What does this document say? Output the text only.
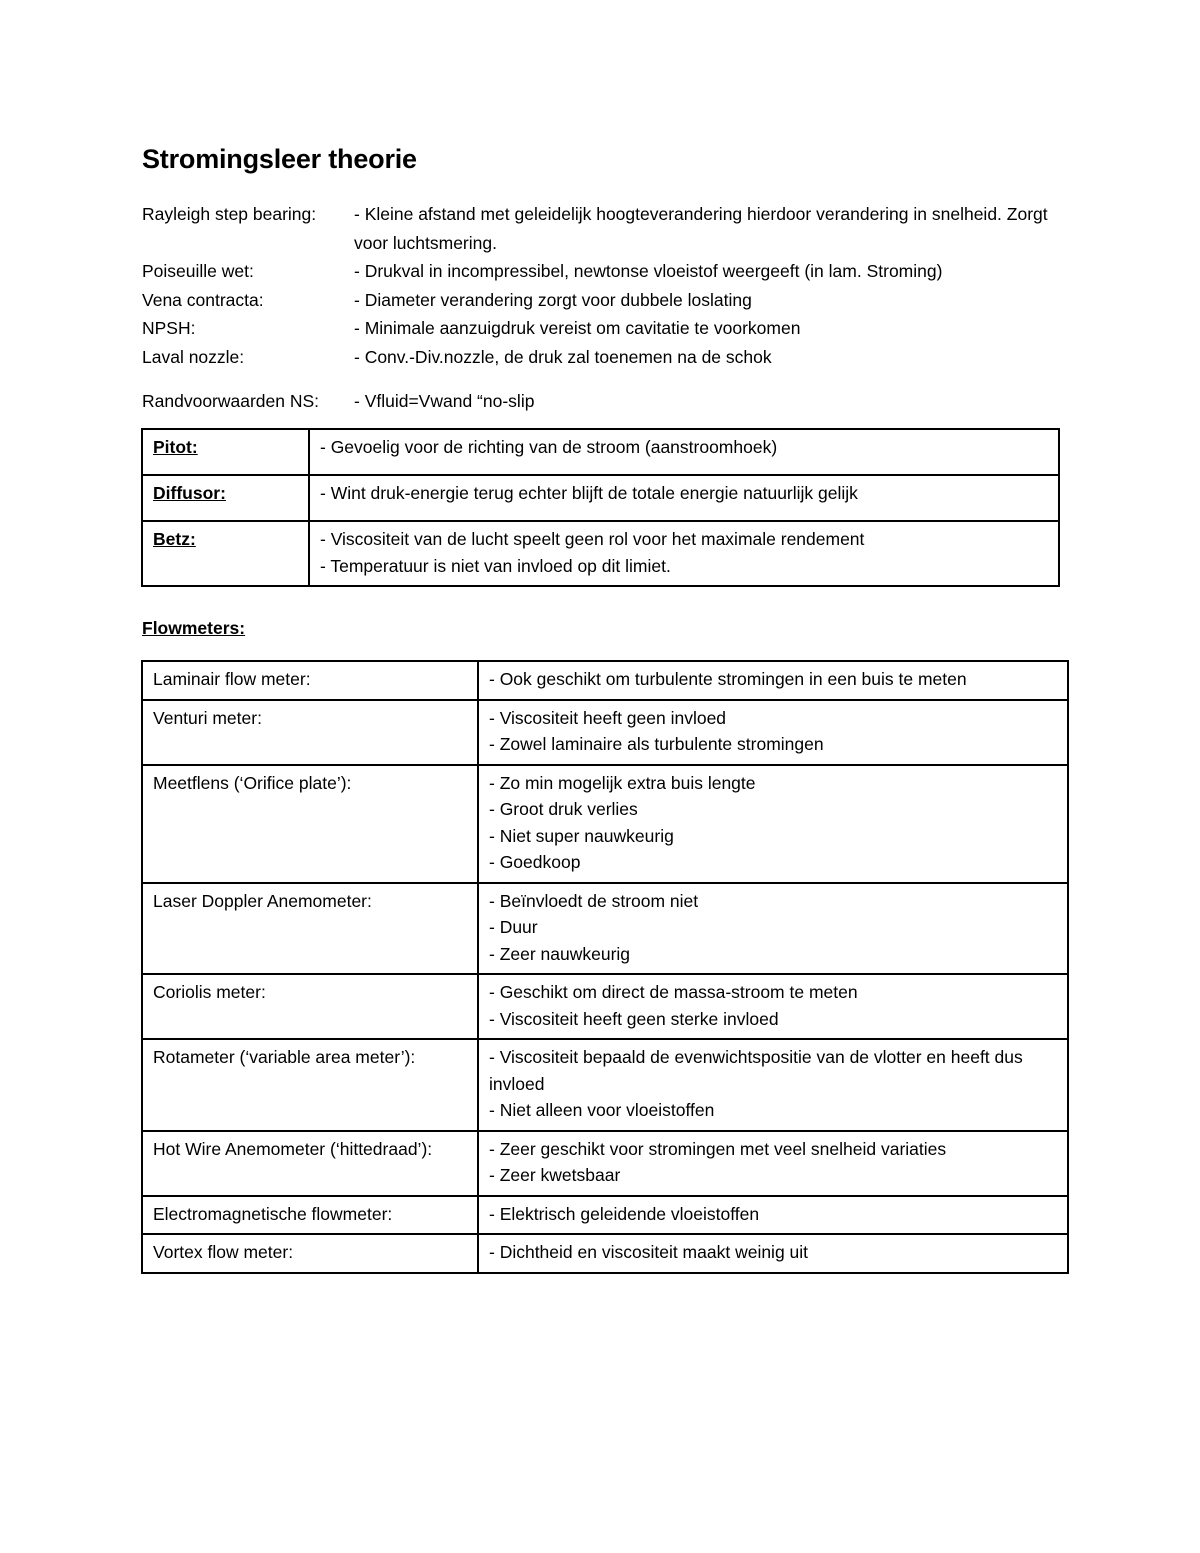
Stromingsleer theorie
Rayleigh step bearing:	- Kleine afstand met geleidelijk hoogteverandering hierdoor verandering in snelheid. Zorgt voor luchtsmering.
Poiseuille wet:	- Drukval in incompressibel, newtonse vloeistof weergeeft (in lam. Stroming)
Vena contracta:	- Diameter verandering zorgt voor dubbele loslating
NPSH:	- Minimale aanzuigdruk vereist om cavitatie te voorkomen
Laval nozzle:	- Conv.-Div.nozzle, de druk zal toenemen na de schok
Randvoorwaarden NS:	- Vfluid=Vwand “no-slip
Pitot:	- Gevoelig voor de richting van de stroom (aanstroomhoek)

Diffusor:	- Wint druk-energie terug echter blijft de totale energie natuurlijk gelijk

Betz:	- Viscositeit van de lucht speelt geen rol voor het maximale rendement
- Temperatuur is niet van invloed op dit limiet.
Flowmeters:
Laminair flow meter:	- Ook geschikt om turbulente stromingen in een buis te meten

Venturi meter:	- Viscositeit heeft geen invloed
- Zowel laminaire als turbulente stromingen

Meetflens (‘Orifice plate’):	- Zo min mogelijk extra buis lengte
- Groot druk verlies
- Niet super nauwkeurig
- Goedkoop

Laser Doppler Anemometer:	- Beïnvloedt de stroom niet
- Duur
- Zeer nauwkeurig

Coriolis meter:	- Geschikt om direct de massa-stroom te meten
- Viscositeit heeft geen sterke invloed

Rotameter (‘variable area meter’):	- Viscositeit bepaald de evenwichtspositie van de vlotter en heeft dus invloed
- Niet alleen voor vloeistoffen

Hot Wire Anemometer (‘hittedraad’):	- Zeer geschikt voor stromingen met veel snelheid variaties
- Zeer kwetsbaar

Electromagnetische flowmeter:	- Elektrisch geleidende vloeistoffen

Vortex flow meter:	- Dichtheid en viscositeit maakt weinig uit
